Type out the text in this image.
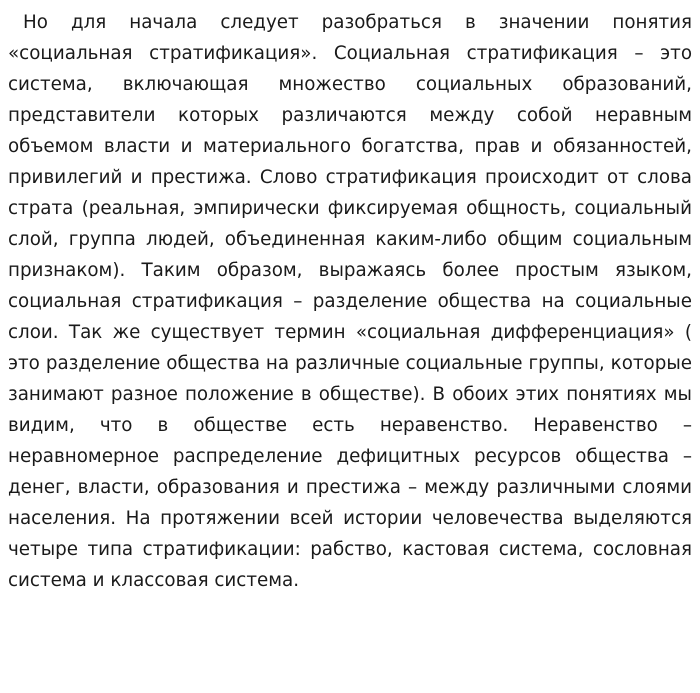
Но для начала следует разобраться в значении понятия «социальная стратификация». Социальная стратификация – это система, включающая множество социальных образований, представители которых различаются между собой неравным объемом власти и материального богатства, прав и обязанностей, привилегий и престижа. Слово стратификация происходит от слова страта (реальная, эмпирически фиксируемая общность, социальный слой, группа людей, объединенная каким-либо общим социальным признаком). Таким образом, выражаясь более простым языком, социальная стратификация – разделение общества на социальные слои. Так же существует термин «социальная дифференциация» ( это разделение общества на различные социальные группы, которые занимают разное положение в обществе). В обоих этих понятиях мы видим, что в обществе есть неравенство. Неравенство – неравномерное распределение дефицитных ресурсов общества – денег, власти, образования и престижа – между различными слоями населения. На протяжении всей истории человечества выделяются четыре типа стратификации: рабство, кастовая система, сословная система и классовая система.
